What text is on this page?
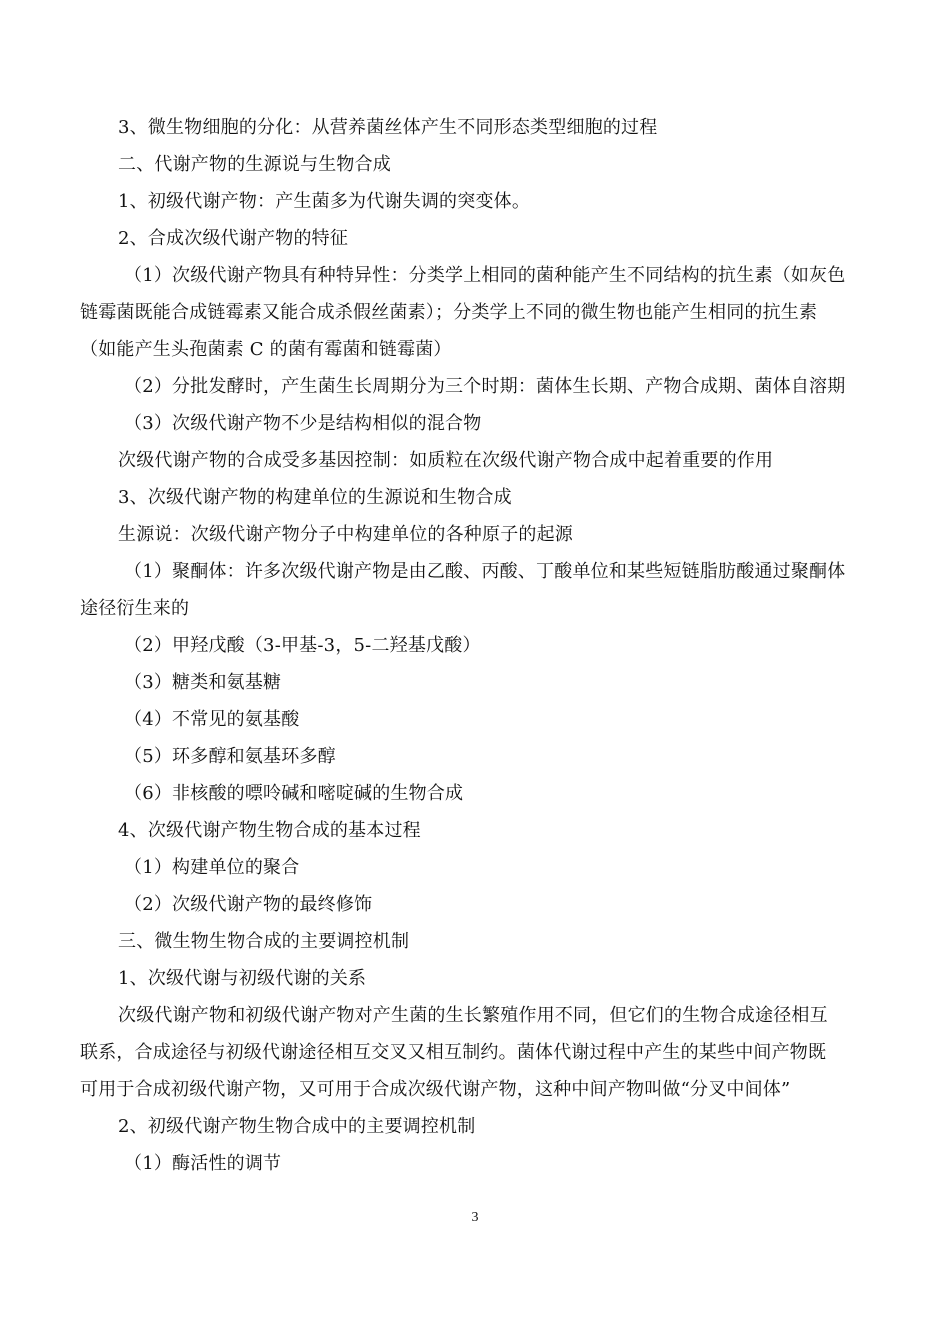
3、微生物细胞的分化：从营养菌丝体产生不同形态类型细胞的过程
二、代谢产物的生源说与生物合成
1、初级代谢产物：产生菌多为代谢失调的突变体。
2、合成次级代谢产物的特征
（1）次级代谢产物具有种特异性：分类学上相同的菌种能产生不同结构的抗生素（如灰色
链霉菌既能合成链霉素又能合成杀假丝菌素）；分类学上不同的微生物也能产生相同的抗生素
（如能产生头孢菌素 C 的菌有霉菌和链霉菌）
（2）分批发酵时，产生菌生长周期分为三个时期：菌体生长期、产物合成期、菌体自溶期
（3）次级代谢产物不少是结构相似的混合物
次级代谢产物的合成受多基因控制：如质粒在次级代谢产物合成中起着重要的作用
3、次级代谢产物的构建单位的生源说和生物合成
生源说：次级代谢产物分子中构建单位的各种原子的起源
（1）聚酮体：许多次级代谢产物是由乙酸、丙酸、丁酸单位和某些短链脂肪酸通过聚酮体
途径衍生来的
（2）甲羟戊酸（3-甲基-3，5-二羟基戊酸）
（3）糖类和氨基糖
（4）不常见的氨基酸
（5）环多醇和氨基环多醇
（6）非核酸的嘌呤碱和嘧啶碱的生物合成
4、次级代谢产物生物合成的基本过程
（1）构建单位的聚合
（2）次级代谢产物的最终修饰
三、微生物生物合成的主要调控机制
1、次级代谢与初级代谢的关系
次级代谢产物和初级代谢产物对产生菌的生长繁殖作用不同，但它们的生物合成途径相互
联系，合成途径与初级代谢途径相互交叉又相互制约。菌体代谢过程中产生的某些中间产物既
可用于合成初级代谢产物，又可用于合成次级代谢产物，这种中间产物叫做“分叉中间体”
2、初级代谢产物生物合成中的主要调控机制
（1）酶活性的调节
3
